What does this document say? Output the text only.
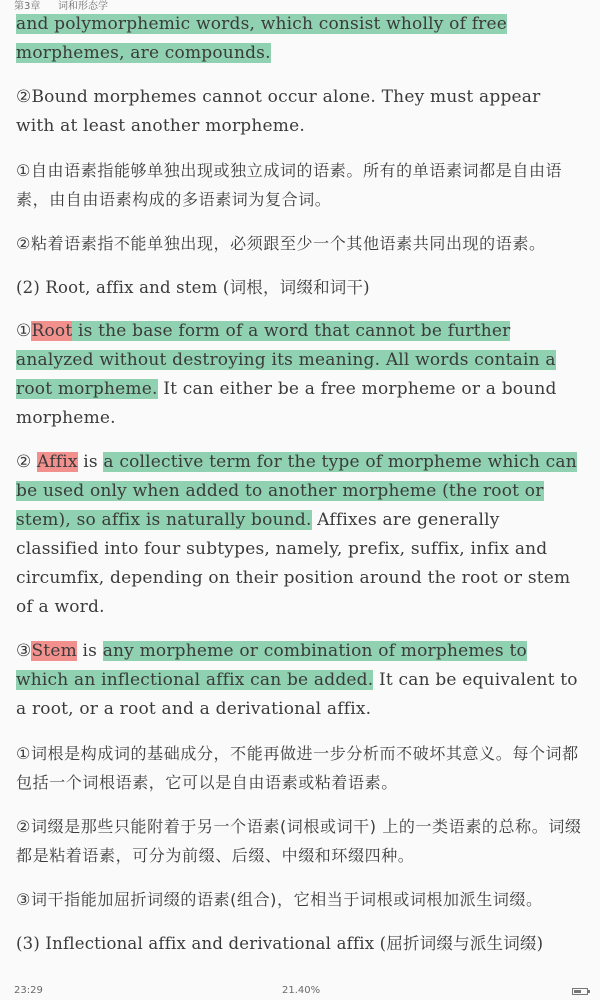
第3章 词和形态学

and polymorphemic words, which consist wholly of free morphemes, are compounds.

②Bound morphemes cannot occur alone. They must appear with at least another morpheme.

①自由语素指能够单独出现或独立成词的语素。所有的单语素词都是自由语素，由自由语素构成的多语素词为复合词。

②粘着语素指不能单独出现，必须跟至少一个其他语素共同出现的语素。

(2) Root, affix and stem (词根，词缀和词干)

①Root is the base form of a word that cannot be further analyzed without destroying its meaning. All words contain a root morpheme. It can either be a free morpheme or a bound morpheme.

② Affix is a collective term for the type of morpheme which can be used only when added to another morpheme (the root or stem), so affix is naturally bound. Affixes are generally classified into four subtypes, namely, prefix, suffix, infix and circumfix, depending on their position around the root or stem of a word.

③Stem is any morpheme or combination of morphemes to which an inflectional affix can be added. It can be equivalent to a root, or a root and a derivational affix.

①词根是构成词的基础成分，不能再做进一步分析而不破坏其意义。每个词都包括一个词根语素，它可以是自由语素或粘着语素。

②词缀是那些只能附着于另一个语素(词根或词干) 上的一类语素的总称。词缀都是粘着语素，可分为前缀、后缀、中缀和环缀四种。

③词干指能加屈折词缀的语素(组合)，它相当于词根或词根加派生词缀。

(3) Inflectional affix and derivational affix (屈折词缀与派生词缀)

23:29	21.40%
